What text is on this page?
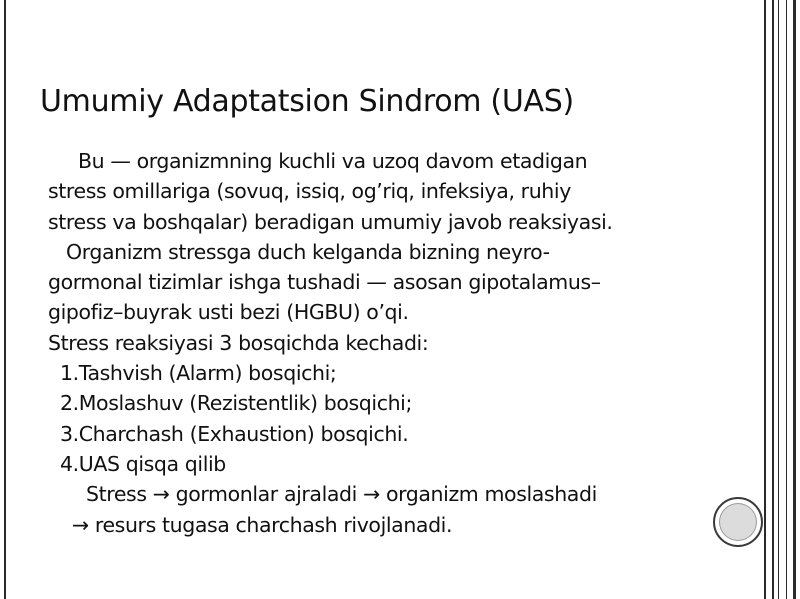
Umumiy Adaptatsion Sindrom (UAS)
Bu — organizmning kuchli va uzoq davom etadigan
stress omillariga (sovuq, issiq, og’riq, infeksiya, ruhiy
stress va boshqalar) beradigan umumiy javob reaksiyasi.
Organizm stressga duch kelganda bizning neyro-
gormonal tizimlar ishga tushadi — asosan gipotalamus–
gipofiz–buyrak usti bezi (HGBU) o’qi.
Stress reaksiyasi 3 bosqichda kechadi:
1.Tashvish (Alarm) bosqichi;
2.Moslashuv (Rezistentlik) bosqichi;
3.Charchash (Exhaustion) bosqichi.
4.UAS qisqa qilib
Stress → gormonlar ajraladi → organizm moslashadi
→ resurs tugasa charchash rivojlanadi.
